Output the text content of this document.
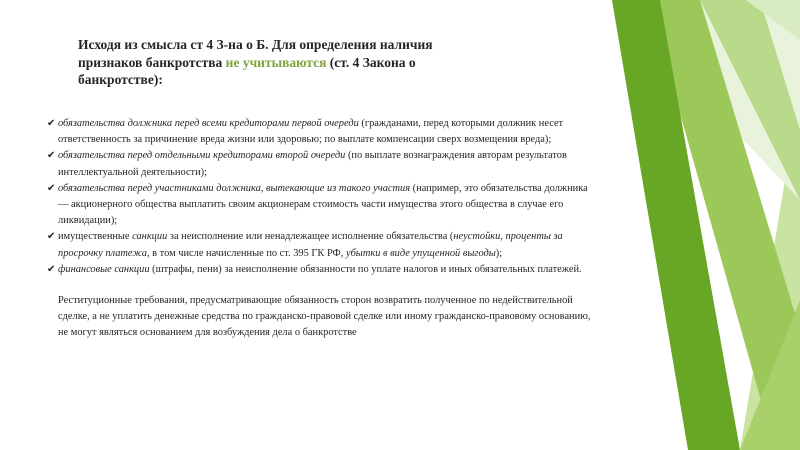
Исходя из смысла ст 4 З-на о Б. Для определения наличия признаков банкротства не учитываются (ст. 4 Закона о банкротстве):

✔ обязательства должника перед всеми кредиторами первой очереди (гражданами, перед которыми должник несет ответственность за причинение вреда жизни или здоровью; по выплате компенсации сверх возмещения вреда);
✔ обязательства перед отдельными кредиторами второй очереди (по выплате вознаграждения авторам результатов интеллектуальной деятельности);
✔ обязательства перед участниками должника, вытекающие из такого участия (например, это обязательства должника — акционерного общества выплатить своим акционерам стоимость части имущества этого общества в случае его ликвидации);
✔ имущественные санкции за неисполнение или ненадлежащее исполнение обязательства (неустойки, проценты за просрочку платежа, в том числе начисленные по ст. 395 ГК РФ, убытки в виде упущенной выгоды);
✔ финансовые санкции (штрафы, пени) за неисполнение обязанности по уплате налогов и иных обязательных платежей.
Реституционные требования, предусматривающие обязанность сторон возвратить полученное по недействительной сделке, а не уплатить денежные средства по гражданско-правовой сделке или иному гражданско-правовому основанию, не могут являться основанием для возбуждения дела о банкротстве
